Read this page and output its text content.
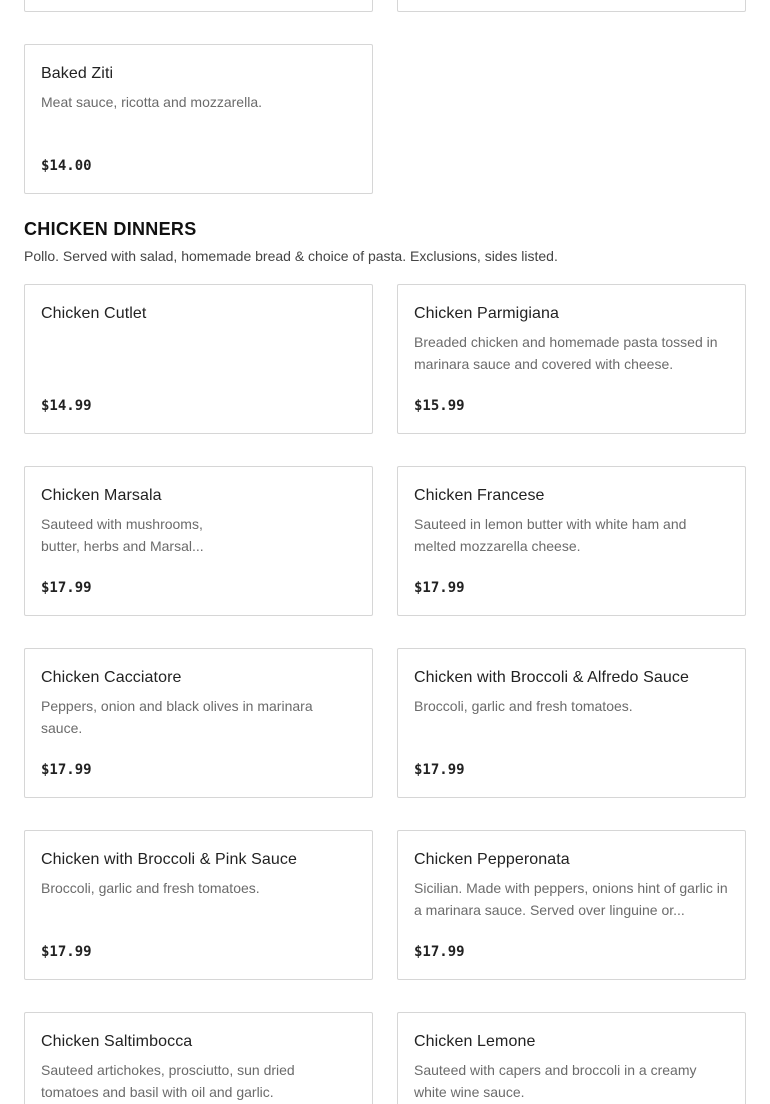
Baked Ziti
Meat sauce, ricotta and mozzarella.
$14.00
CHICKEN DINNERS
Pollo. Served with salad, homemade bread & choice of pasta. Exclusions, sides listed.
Chicken Cutlet
$14.99
Chicken Parmigiana
Breaded chicken and homemade pasta tossed in marinara sauce and covered with cheese.
$15.99
Chicken Marsala
Sauteed with mushrooms,
butter, herbs and Marsal...
$17.99
Chicken Francese
Sauteed in lemon butter with white ham and melted mozzarella cheese.
$17.99
Chicken Cacciatore
Peppers, onion and black olives in marinara sauce.
$17.99
Chicken with Broccoli & Alfredo Sauce
Broccoli, garlic and fresh tomatoes.
$17.99
Chicken with Broccoli & Pink Sauce
Broccoli, garlic and fresh tomatoes.
$17.99
Chicken Pepperonata
Sicilian. Made with peppers, onions hint of garlic in a marinara sauce. Served over linguine or...
$17.99
Chicken Saltimbocca
Sauteed artichokes, prosciutto, sun dried tomatoes and basil with oil and garlic.
Chicken Lemone
Sauteed with capers and broccoli in a creamy white wine sauce.
